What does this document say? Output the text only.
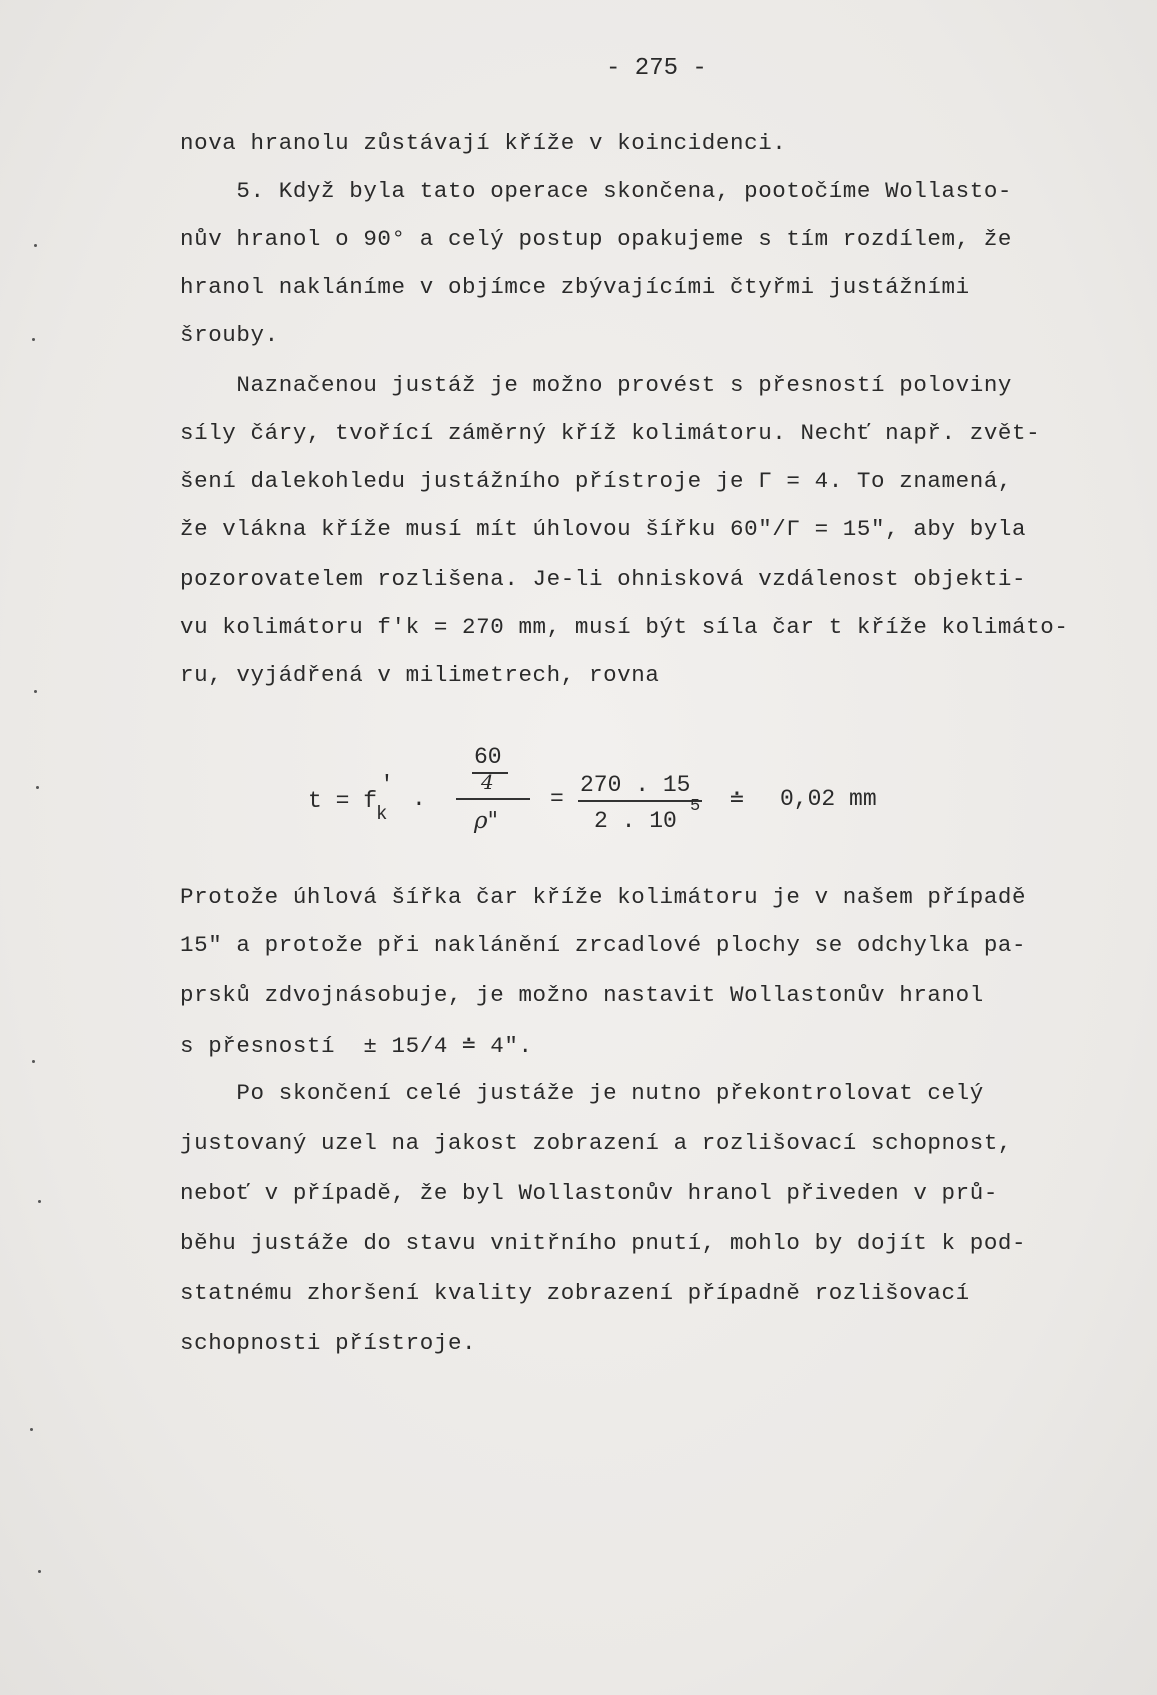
- 275 -
nova hranolu zůstávají kříže v koincidenci.
5. Když byla tato operace skončena, pootočíme Wollasto-
nův hranol o 90° a celý postup opakujeme s tím rozdílem, že
hranol nakláníme v objímce zbývajícími čtyřmi justážními
šrouby.
Naznačenou justáž je možno provést s přesností poloviny
síly čáry, tvořící záměrný kříž kolimátoru. Nechť např. zvět-
šení dalekohledu justážního přístroje je Γ = 4. To znamená,
že vlákna kříže musí mít úhlovou šířku 60"/Γ = 15", aby byla
pozorovatelem rozlišena. Je-li ohnisková vzdálenost objekti-
vu kolimátoru f'k = 270 mm, musí být síla čar t kříže kolimáto-
ru, vyjádřená v milimetrech, rovna
t = f
'
k
.
60
4
ρ"
=
270 . 15
2 . 10
5 ≐ 0,02 mm
Protože úhlová šířka čar kříže kolimátoru je v našem případě
15" a protože při naklánění zrcadlové plochy se odchylka pa-
prsků zdvojnásobuje, je možno nastavit Wollastonův hranol
s přesností  ± 15/4 ≐ 4".
Po skončení celé justáže je nutno překontrolovat celý
justovaný uzel na jakost zobrazení a rozlišovací schopnost,
neboť v případě, že byl Wollastonův hranol přiveden v prů-
běhu justáže do stavu vnitřního pnutí, mohlo by dojít k pod-
statnému zhoršení kvality zobrazení případně rozlišovací
schopnosti přístroje.
